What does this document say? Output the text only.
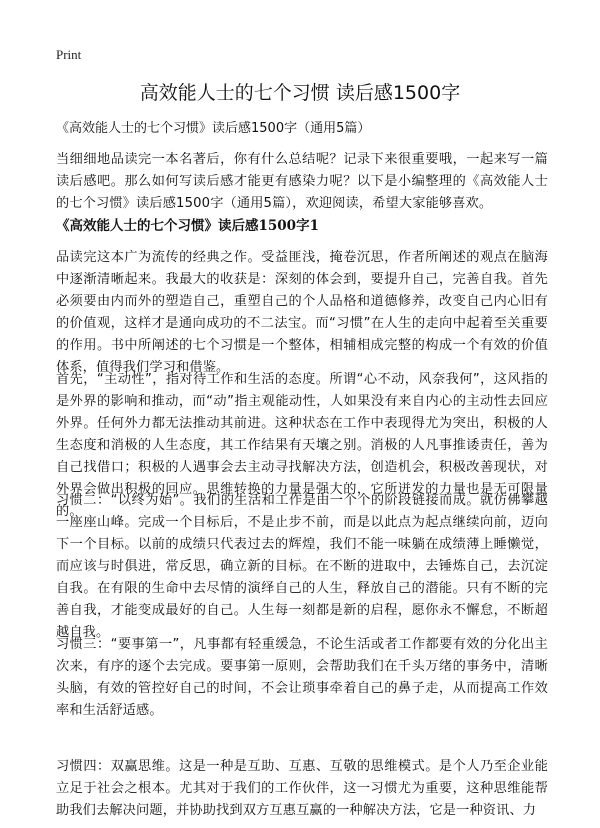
Print
高效能人士的七个习惯 读后感1500字

《高效能人士的七个习惯》读后感1500字（通用5篇）

当细细地品读完一本名著后，你有什么总结呢？记录下来很重要哦，一起来写一篇读后感吧。那么如何写读后感才能更有感染力呢？以下是小编整理的《高效能人士的七个习惯》读后感1500字（通用5篇），欢迎阅读，希望大家能够喜欢。

《高效能人士的七个习惯》读后感1500字1

品读完这本广为流传的经典之作。受益匪浅，掩卷沉思，作者所阐述的观点在脑海中逐渐清晰起来。我最大的收获是：深刻的体会到，要提升自己，完善自我。首先必须要由内而外的塑造自己，重塑自己的个人品格和道德修养，改变自己内心旧有的价值观，这样才是通向成功的不二法宝。而“习惯”在人生的走向中起着至关重要的作用。书中所阐述的七个习惯是一个整体，相辅相成完整的构成一个有效的价值体系，值得我们学习和借鉴。

首先，“主动性”，指对待工作和生活的态度。所谓“心不动，风奈我何”，这风指的是外界的影响和推动，而“动”指主观能动性，人如果没有来自内心的主动性去回应外界。任何外力都无法推动其前进。这种状态在工作中表现得尤为突出，积极的人生态度和消极的人生态度，其工作结果有天壤之别。消极的人凡事推诿责任，善为自己找借口；积极的人遇事会去主动寻找解决方法，创造机会，积极改善现状，对外界会做出积极的回应。思维转换的力量是强大的，它所迸发的力量也是无可限量的。

习惯二：“以终为始”。我们的生活和工作是由一个个的阶段链接而成。就仿佛攀越一座座山峰。完成一个目标后，不是止步不前，而是以此点为起点继续向前，迈向下一个目标。以前的成绩只代表过去的辉煌，我们不能一味躺在成绩薄上睡懒觉，而应该与时俱进，常反思，确立新的目标。在不断的进取中，去锤炼自己，去沉淀自我。在有限的生命中去尽情的演绎自己的人生，释放自己的潜能。只有不断的完善自我，才能变成最好的自己。人生每一刻都是新的启程，愿你永不懈怠，不断超越自我。

习惯三：“要事第一”，凡事都有轻重缓急，不论生活或者工作都要有效的分化出主次来，有序的逐个去完成。要事第一原则，会帮助我们在千头万绪的事务中，清晰头脑，有效的管控好自己的时间，不会让琐事牵着自己的鼻子走，从而提高工作效率和生活舒适感。

习惯四：双赢思维。这是一种是互助、互惠、互敬的思维模式。是个人乃至企业能立足于社会之根本。尤其对于我们的工作伙伴，这一习惯尤为重要，这种思维能帮助我们去解决问题，并协助找到双方互惠互赢的一种解决方法，它是一种资讯、力
